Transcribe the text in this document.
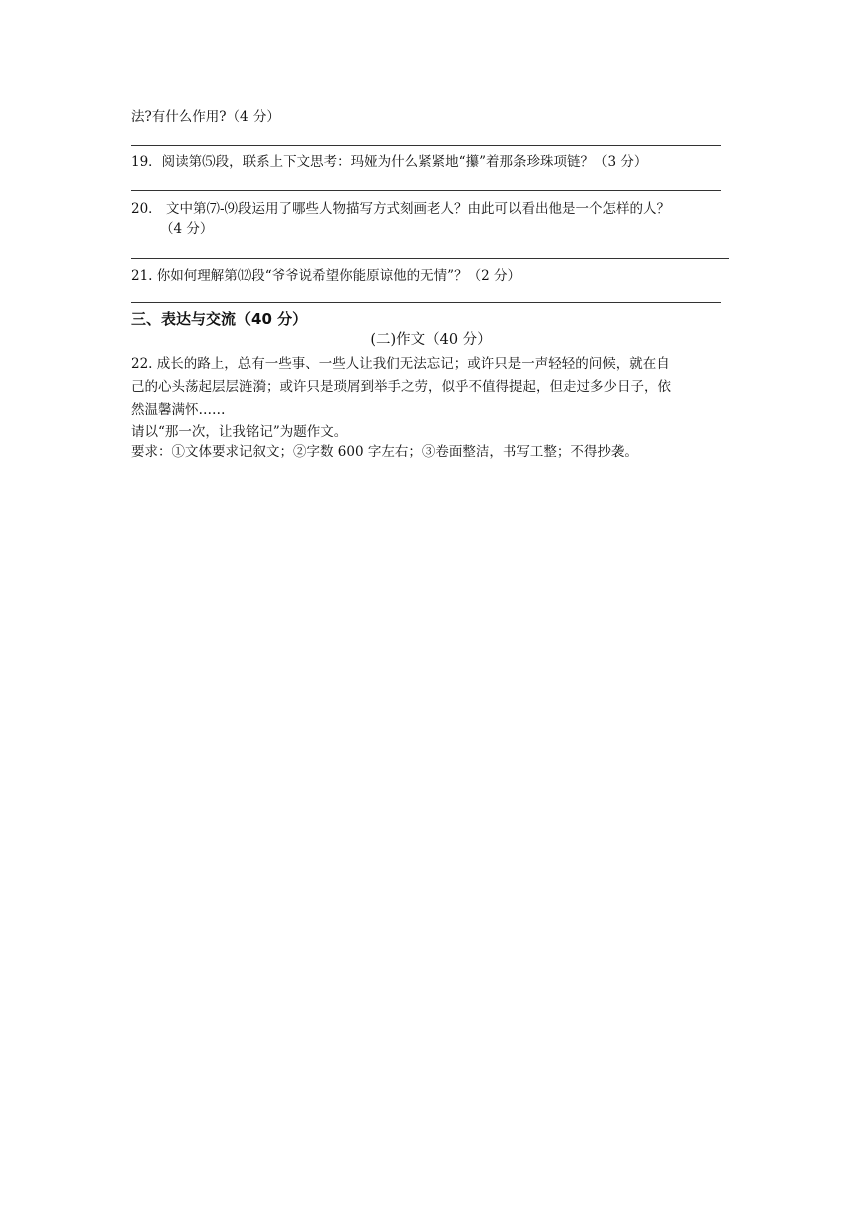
法?有什么作用?（4 分）
19．阅读第⑸段，联系上下文思考：玛娅为什么紧紧地“攥”着那条珍珠项链？（3 分）
20． 文中第⑺-⑼段运用了哪些人物描写方式刻画老人？由此可以看出他是一个怎样的人？
（4 分）
21. 你如何理解第⑿段“爷爷说希望你能原谅他的无情”？（2 分）
三、表达与交流（40 分）
(二)作文（40 分）
22. 成长的路上，总有一些事、一些人让我们无法忘记；或许只是一声轻轻的问候，就在自
己的心头荡起层层涟漪；或许只是琐屑到举手之劳，似乎不值得提起，但走过多少日子，依
然温馨满怀……
请以“那一次，让我铭记”为题作文。
要求：①文体要求记叙文；②字数 600 字左右；③卷面整洁，书写工整；不得抄袭。
